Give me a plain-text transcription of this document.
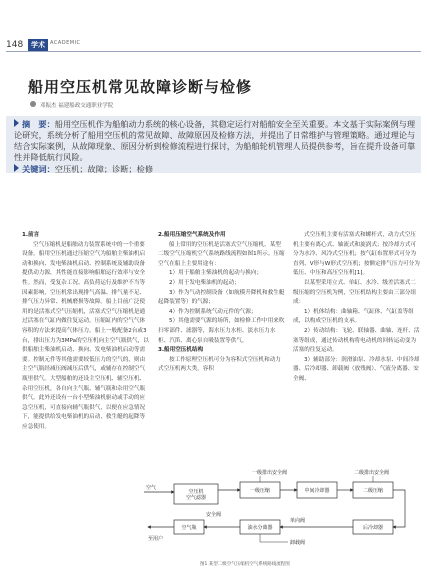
148	学术	ACADEMIC
船用空压机常见故障诊断与检修
邓振杰 福建船政交通职业学院
摘　要：船用空压机作为船舶动力系统的核心设备，其稳定运行对船舶安全至关重要。本文基于实际案例与理论研究，系统分析了船用空压机的常见故障、故障原因及检修方法，并提出了日常维护与管理策略。通过理论与结合实际案例，从故障现象、原因分析到检修流程进行探讨，为船舶轮机管理人员提供参考，旨在提升设备可靠性并降低航行风险。
关键词：空压机；故障；诊断；检修

1.前言

空气压缩机是船舶动力装置系统中的一个重要设备。船用空压机通过压缩空气为船舶主柴油机启动和换向、发电柴油机启动、控制系统及辅助设备提供动力源，其性能直接影响船舶运行效率与安全性。然而，受复杂工况、高负荷运行及维护不当等因素影响，空压机常出现排气高温、排气量不足、排气压力异常、机械磨损等故障。船上目前广泛使用的是活塞式空气压缩机，活塞式空气压缩机是通过活塞在气缸内做往复运动，压缩缸内的空气气体容积的方法来提高气体压力。船上一般配备2台或3台，排出压力为3MPa的空压机向主空气瓶供气，以供船舶主柴油机启动、换向、发电柴油机启动等需要。控制元件等其他需要较低压力的空气的，则由主空气瓶经减压阀减压后供气，或辅存在控制空气瓶里供气。大型船舶的还设主空压机、辅空压机、杂用空压机，各自向主气瓶、辅气瓶和杂用空气瓶供气。此外还设有一台小型柴油机驱动或手动的应急空压机，可直接向辅气瓶供气，以便在应急情况下，能提供给发电柴油机的启动，救生艇的起降等应急使用。

2.船用压缩空气系统及作用

船上常用的空压机是活塞式空气压缩机，某型二级空气压缩机空气系统路线流程如图1所示。压缩空气在船上主要用途有：

1）用于船舶主柴油机的起动与换向；

2）用于发电柴油机的起动；

3）作为气动控制设备（如航模升降机和救生艇起降装置等）的气源；

4）作为控制系统气动元件的气源；

5）其他需要气源的场所，如检修工作中用来吹扫零部件、滤器等，海水压力水柜、淡水压力水柜、汽笛、离心泵自吸装置等供气。

3.船用空压机结构

按工作原理空压机可分为容积式空压机和动力式空压机两大类，容积

式空压机主要有活塞式和螺杆式，动力式空压机主要有离心式、轴流式和旋涡式；按冷却方式可分为水冷、风冷式空压机；按气缸布置形式可分为直列、V形与W形式空压机；按额定排气压力可分为低压、中压和高压空压机[1]。

以某型采用立式、单缸、水冷、级差活塞式二级压缩的空压机为例，空压机结构主要由三部分组成：

1）机体结构：曲轴箱、气缸体、气缸盖等组成，以构成空压机的支承。

2）传动结构：飞轮、联轴器、曲轴、连杆、活塞等组成，通过传动机构将电动机的回转运动变为活塞的往复运动。

3）辅助部分：润滑油泵、冷却水泵、中间冷却器、后冷却器、卸载阀（放残阀）、气液分离器、安全阀、

空压机空气滤器
一级压缩	中间冷却器	二级压缩
空气瓶	油水分离器	后冷却器
空气
至用户
一级排出安全阀	二级排出安全阀
安全阀
单向阀
卸载阀
图1 某型二级空气压缩机空气系统路线流程图
